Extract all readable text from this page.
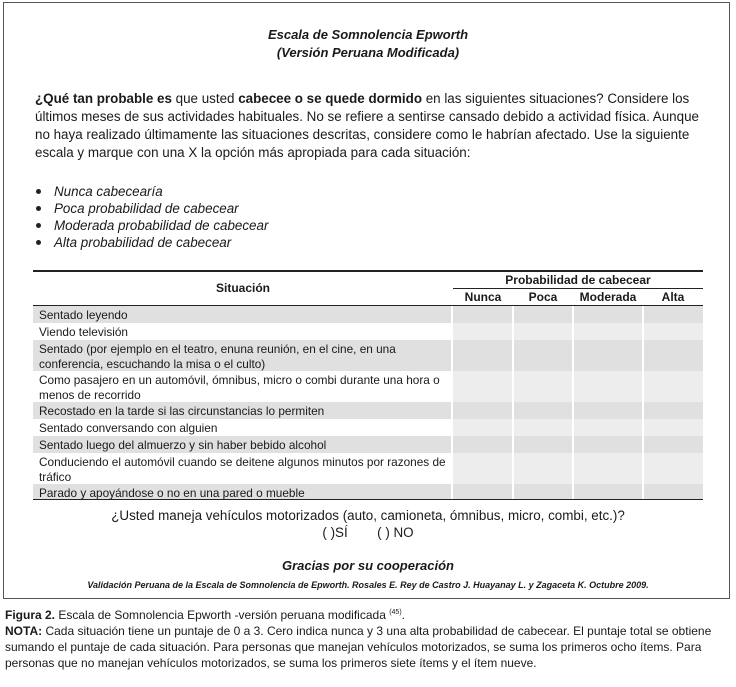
Escala de Somnolencia Epworth
(Versión Peruana Modificada)
¿Qué tan probable es que usted cabecee o se quede dormido en las siguientes situaciones? Considere los últimos meses de sus actividades habituales. No se refiere a sentirse cansado debido a actividad física. Aunque no haya realizado últimamente las situaciones descritas, considere como le habrían afectado. Use la siguiente escala y marque con una X la opción más apropiada para cada situación:
Nunca cabecearía
Poca probabilidad de cabecear
Moderada probabilidad de cabecear
Alta probabilidad de cabecear
Situación
Probabilidad de cabecear
Nunca	Poca	Moderada	Alta
Sentado leyendo
Viendo televisión
Sentado (por ejemplo en el teatro, enuna reunión, en el cine, en una conferencia, escuchando la misa o el culto)
Como pasajero en un automóvil, ómnibus, micro o combi durante una hora o menos de recorrido
Recostado en la tarde si las circunstancias lo permiten
Sentado conversando con alguien
Sentado luego del almuerzo y sin haber bebido alcohol
Conduciendo el automóvil cuando se deitene algunos minutos por razones de tráfico
Parado y apoyándose o no en una pared o mueble
¿Usted maneja vehículos motorizados (auto, camioneta, ómnibus, micro, combi, etc.)?
( )SÍ ( ) NO
Gracias por su cooperación
Validación Peruana de la Escala de Somnolencia de Epworth. Rosales E. Rey de Castro J. Huayanay L. y Zagaceta K. Octubre 2009.
Figura 2. Escala de Somnolencia Epworth -versión peruana modificada $^{(45)}$.
NOTA: Cada situación tiene un puntaje de 0 a 3. Cero indica nunca y 3 una alta probabilidad de cabecear. El puntaje total se obtiene sumando el puntaje de cada situación. Para personas que manejan vehículos motorizados, se suma los primeros ocho ítems. Para personas que no manejan vehículos motorizados, se suma los primeros siete ítems y el ítem nueve.
